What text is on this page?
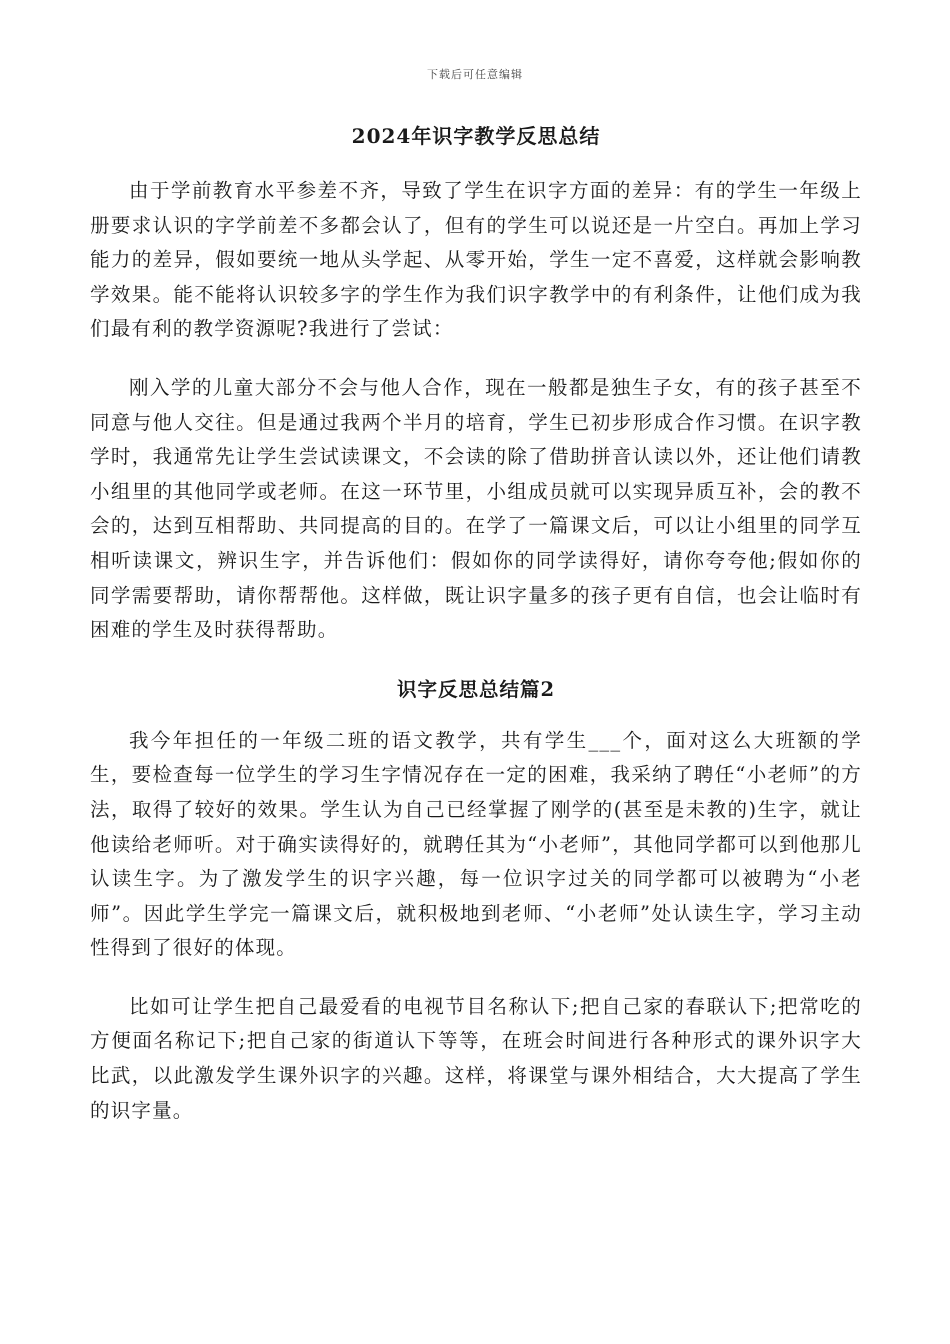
下载后可任意编辑
2024年识字教学反思总结

由于学前教育水平参差不齐，导致了学生在识字方面的差异：有的学生一年级上册要求认识的字学前差不多都会认了，但有的学生可以说还是一片空白。再加上学习能力的差异，假如要统一地从头学起、从零开始，学生一定不喜爱，这样就会影响教学效果。能不能将认识较多字的学生作为我们识字教学中的有利条件，让他们成为我们最有利的教学资源呢?我进行了尝试：

刚入学的儿童大部分不会与他人合作，现在一般都是独生子女，有的孩子甚至不同意与他人交往。但是通过我两个半月的培育，学生已初步形成合作习惯。在识字教学时，我通常先让学生尝试读课文，不会读的除了借助拼音认读以外，还让他们请教小组里的其他同学或老师。在这一环节里，小组成员就可以实现异质互补，会的教不会的，达到互相帮助、共同提高的目的。在学了一篇课文后，可以让小组里的同学互相听读课文，辨识生字，并告诉他们：假如你的同学读得好，请你夸夸他;假如你的同学需要帮助，请你帮帮他。这样做，既让识字量多的孩子更有自信，也会让临时有困难的学生及时获得帮助。

识字反思总结篇2

我今年担任的一年级二班的语文教学，共有学生___个，面对这么大班额的学生，要检查每一位学生的学习生字情况存在一定的困难，我采纳了聘任“小老师”的方法，取得了较好的效果。学生认为自己已经掌握了刚学的(甚至是未教的)生字，就让他读给老师听。对于确实读得好的，就聘任其为“小老师”，其他同学都可以到他那儿认读生字。为了激发学生的识字兴趣，每一位识字过关的同学都可以被聘为“小老师”。因此学生学完一篇课文后，就积极地到老师、“小老师”处认读生字，学习主动性得到了很好的体现。

比如可让学生把自己最爱看的电视节目名称认下;把自己家的春联认下;把常吃的方便面名称记下;把自己家的街道认下等等，在班会时间进行各种形式的课外识字大比武，以此激发学生课外识字的兴趣。这样，将课堂与课外相结合，大大提高了学生的识字量。
